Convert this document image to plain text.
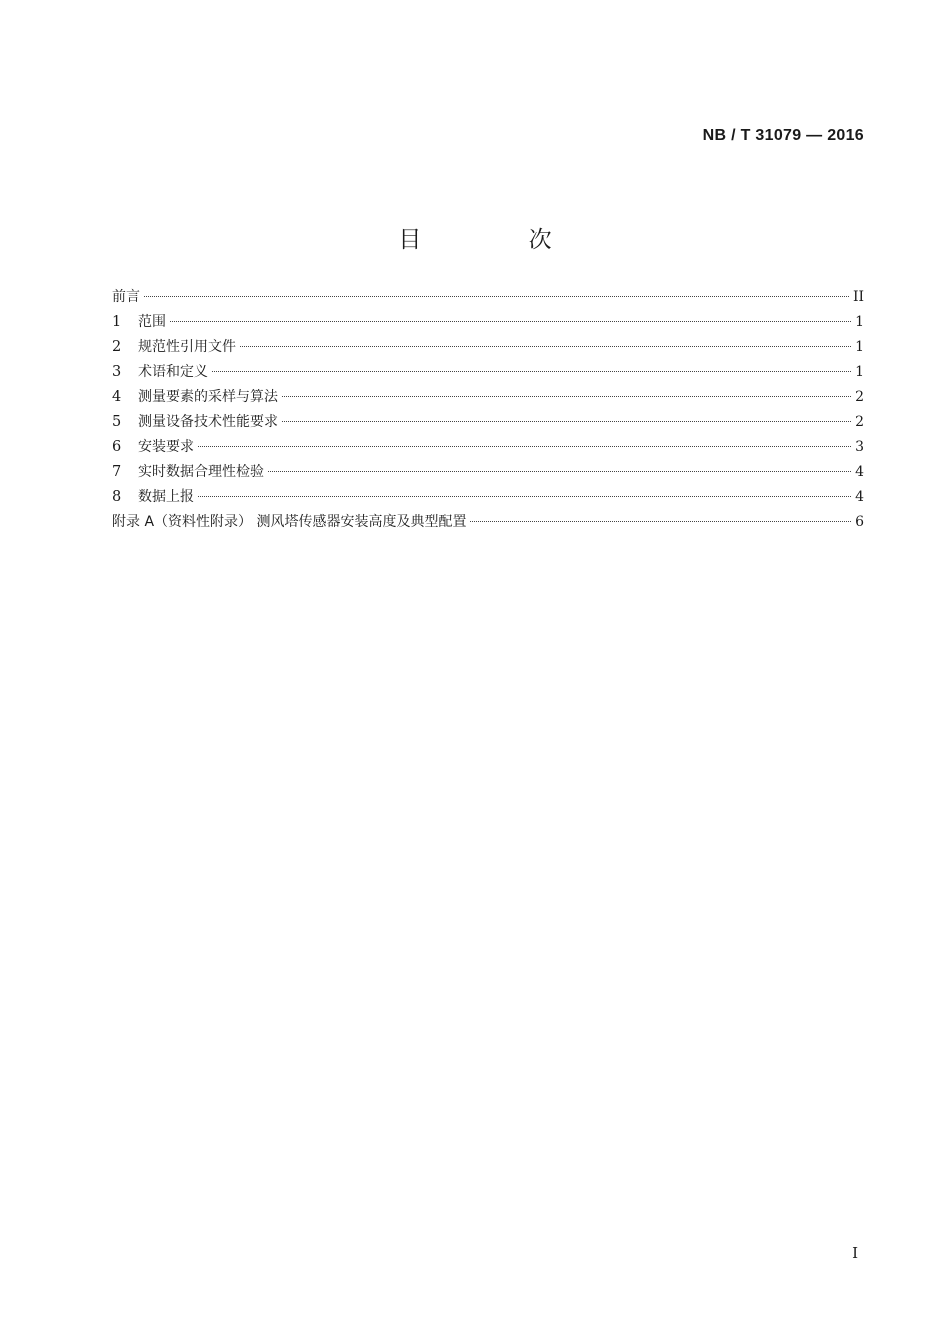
NB / T 31079 — 2016
目 次
前言	II
1	范围	1
2	规范性引用文件	1
3	术语和定义	1
4	测量要素的采样与算法	2
5	测量设备技术性能要求	2
6	安装要求	3
7	实时数据合理性检验	4
8	数据上报	4
附录 A（资料性附录） 测风塔传感器安装高度及典型配置	6
I
